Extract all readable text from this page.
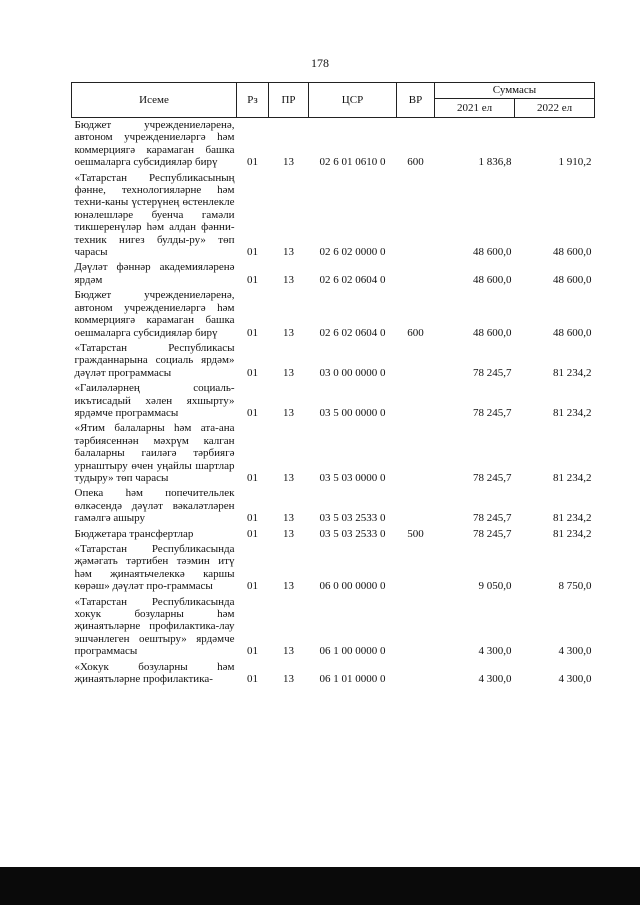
178
Исеме	Рз	ПР	ЦСР	ВР	Суммасы	
					2021 ел	2022 ел
Бюджет учреждениеләренә, автоном учреждениеләргә һәм коммерциягә карамаган башка оешмаларга субсидияләр бирү	01	13	02 6 01 0610 0	600	1 836,8	1 910,2
«Татарстан Республикасының фәнне, технологияләрне һәм техни-каны үстерүнең өстенлекле юнәлешләре буенча гамәли тикшеренүләр һәм алдан фәнни-техник нигез булды-ру» төп чарасы	01	13	02 6 02 0000 0		48 600,0	48 600,0
Дәүләт фәннәр академияләренә ярдәм	01	13	02 6 02 0604 0		48 600,0	48 600,0
Бюджет учреждениеләренә, автоном учреждениеләргә һәм коммерциягә карамаган башка оешмаларга субсидияләр бирү	01	13	02 6 02 0604 0	600	48 600,0	48 600,0
«Татарстан Республикасы гражданнарына социаль ярдәм» дәүләт программасы	01	13	03 0 00 0000 0		78 245,7	81 234,2
«Гаиләләрнең социаль-икътисадый хәлен яхшырту» ярдәмче программасы	01	13	03 5 00 0000 0		78 245,7	81 234,2
«Ятим балаларны һәм ата-ана тәрбиясеннән мәхрүм калган балаларны гаиләгә тәрбиягә урнаштыру өчен уңайлы шартлар тудыру» төп чарасы	01	13	03 5 03 0000 0		78 245,7	81 234,2
Опека һәм попечительлек өлкәсендә дәүләт вәкаләтләрен гамәлгә ашыру	01	13	03 5 03 2533 0		78 245,7	81 234,2
Бюджетара трансфертлар	01	13	03 5 03 2533 0	500	78 245,7	81 234,2
«Татарстан Республикасында җәмәгать тәртибен тәэмин итү һәм җинаятьчелеккә каршы көрәш» дәүләт про-граммасы	01	13	06 0 00 0000 0		9 050,0	8 750,0
«Татарстан Республикасында хокук бозуларны һәм җинаятьләрне профилактика-лау эшчәнлеген оештыру» ярдәмче программасы	01	13	06 1 00 0000 0		4 300,0	4 300,0
«Хокук бозуларны һәм җинаятьләрне профилактика-	01	13	06 1 01 0000 0		4 300,0	4 300,0
